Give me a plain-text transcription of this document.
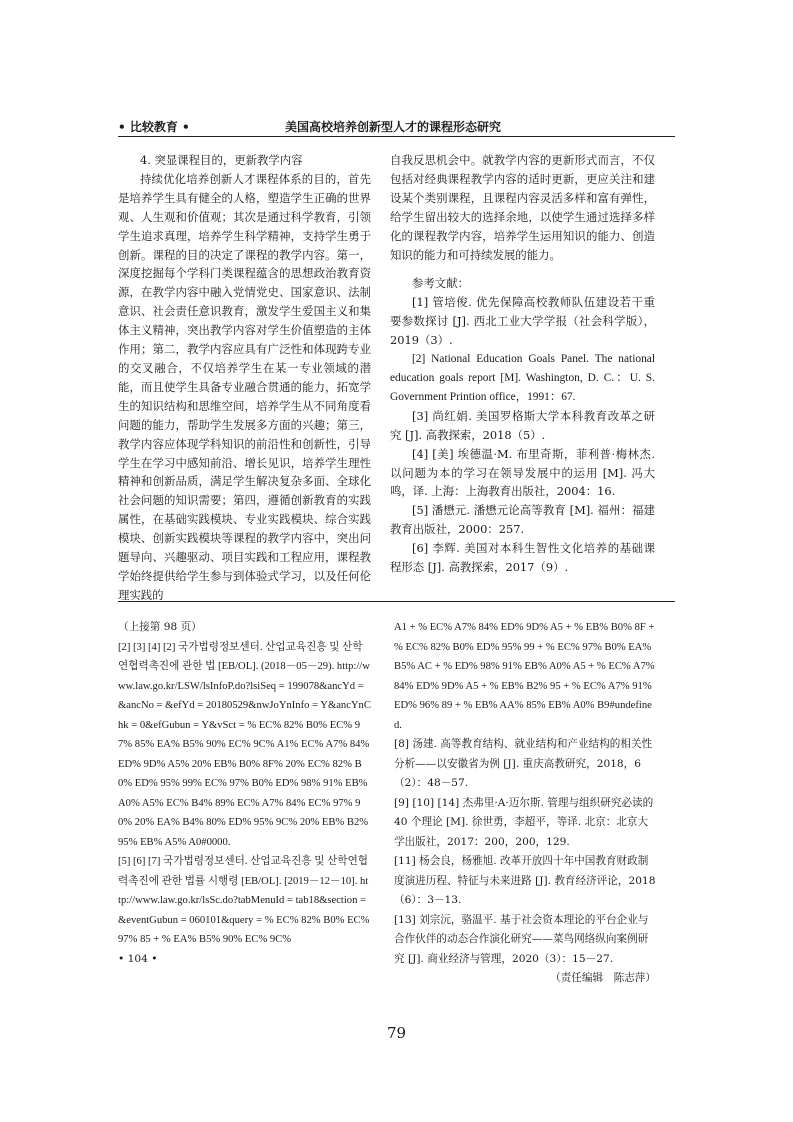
• 比较教育 •	美国高校培养创新型人才的课程形态研究

4. 突显课程目的，更新教学内容

持续优化培养创新人才课程体系的目的，首先是培养学生具有健全的人格，塑造学生正确的世界观、人生观和价值观；其次是通过科学教育，引领学生追求真理，培养学生科学精神，支持学生勇于创新。课程的目的决定了课程的教学内容。第一，深度挖掘每个学科门类课程蕴含的思想政治教育资源，在教学内容中融入党情党史、国家意识、法制意识、社会责任意识教育，激发学生爱国主义和集体主义精神，突出教学内容对学生价值塑造的主体作用；第二，教学内容应具有广泛性和体现跨专业的交叉融合，不仅培养学生在某一专业领域的潜能，而且使学生具备专业融合贯通的能力，拓宽学生的知识结构和思维空间，培养学生从不同角度看问题的能力，帮助学生发展多方面的兴趣；第三，教学内容应体现学科知识的前沿性和创新性，引导学生在学习中感知前沿、增长见识，培养学生理性精神和创新品质，满足学生解决复杂多面、全球化社会问题的知识需要；第四，遵循创新教育的实践属性，在基础实践模块、专业实践模块、综合实践模块、创新实践模块等课程的教学内容中，突出问题导向、兴趣驱动、项目实践和工程应用，课程教学始终提供给学生参与到体验式学习，以及任何伦理实践的

自我反思机会中。就教学内容的更新形式而言，不仅包括对经典课程教学内容的适时更新，更应关注和建设某个类别课程，且课程内容灵活多样和富有弹性，给学生留出较大的选择余地，以使学生通过选择多样化的课程教学内容，培养学生运用知识的能力、创造知识的能力和可持续发展的能力。

参考文献：

[1] 管培俊. 优先保障高校教师队伍建设若干重要参数探讨 [J]. 西北工业大学学报（社会科学版），2019（3）.

[2] National Education Goals Panel. The national education goals report [M]. Washington, D. C.：U. S. Government Printion office，1991：67.

[3] 尚红娟. 美国罗格斯大学本科教育改革之研究 [J]. 高教探索，2018（5）.

[4] [美] 埃德温·M. 布里奇斯，菲利普·梅林杰. 以问题为本的学习在领导发展中的运用 [M]. 冯大鸣，译. 上海：上海教育出版社，2004：16.

[5] 潘懋元. 潘懋元论高等教育 [M]. 福州：福建教育出版社，2000：257.

[6] 李辉. 美国对本科生智性文化培养的基础课程形态 [J]. 高教探索，2017（9）.

（上接第 98 页）

[2] [3] [4] [2] 국가법령정보센터. 산업교육진흥 및 산학연협력촉진에 관한 법 [EB/OL]. (2018－05－29). http://www.law.go.kr/LSW/lsInfoP.do?lsiSeq = 199078&ancYd = &ancNo = &efYd = 20180529&nwJoYnInfo = Y&ancYnChk = 0&efGubun = Y&vSct = % EC% 82% B0% EC% 97% 85% EA% B5% 90% EC% 9C% A1% EC% A7% 84% ED% 9D% A5% 20% EB% B0% 8F% 20% EC% 82% B0% ED% 95% 99% EC% 97% B0% ED% 98% 91% EB% A0% A5% EC% B4% 89% EC% A7% 84% EC% 97% 90% 20% EA% B4% 80% ED% 95% 9C% 20% EB% B2% 95% EB% A5% A0#0000.

[5] [6] [7] 국가법령정보센터. 산업교육진흥 및 산학연협력촉진에 관한 법률 시행령 [EB/OL]. [2019－12－10]. http://www.law.go.kr/lsSc.do?tabMenuId = tab18&section = &eventGubun = 060101&query = % EC% 82% B0% EC% 97% 85 + % EA% B5% 90% EC% 9C%

• 104 •

A1 + % EC% A7% 84% ED% 9D% A5 + % EB% B0% 8F + % EC% 82% B0% ED% 95% 99 + % EC% 97% B0% EA% B5% AC + % ED% 98% 91% EB% A0% A5 + % EC% A7% 84% ED% 9D% A5 + % EB% B2% 95 + % EC% A7% 91% ED% 96% 89 + % EB% AA% 85% EB% A0% B9#undefined.

[8] 汤建. 高等教育结构、就业结构和产业结构的相关性分析——以安徽省为例 [J]. 重庆高教研究，2018，6（2）：48－57.

[9] [10] [14] 杰弗里·A·迈尔斯. 管理与组织研究必读的 40 个理论 [M]. 徐世勇，李超平，等译. 北京：北京大学出版社，2017：200，200，129.

[11] 杨会良，杨雅旭. 改革开放四十年中国教育财政制度演进历程、特征与未来进路 [J]. 教育经济评论，2018（6）：3－13.

[13] 刘宗沅，骆温平. 基于社会资本理论的平台企业与合作伙伴的动态合作演化研究——菜鸟网络纵向案例研究 [J]. 商业经济与管理，2020（3）：15－27.

（责任编辑　陈志萍）

79
